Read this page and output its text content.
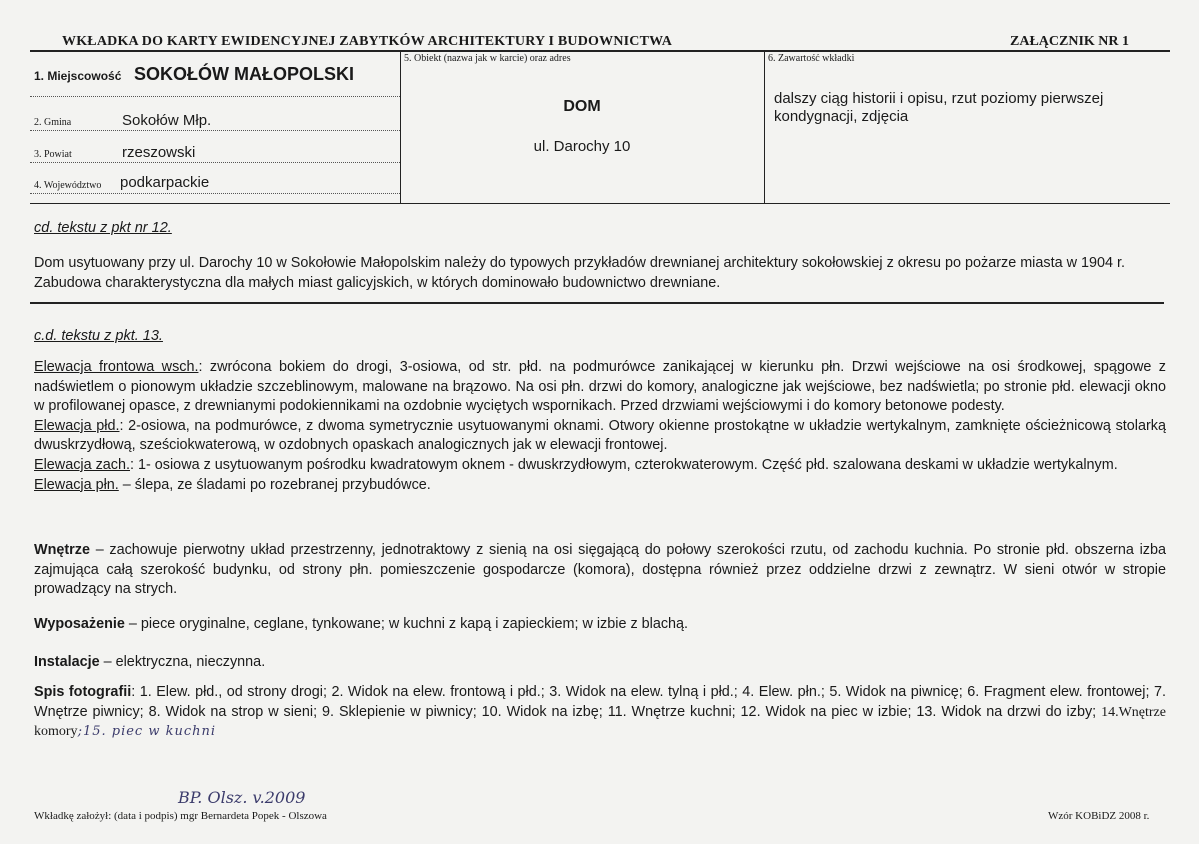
WKŁADKA DO KARTY EWIDENCYJNEJ ZABYTKÓW ARCHITEKTURY I BUDOWNICTWA	ZAŁĄCZNIK NR 1
1. Miejscowość SOKOŁÓW MAŁOPOLSKI
2. Gmina	Sokołów Młp.
3. Powiat	rzeszowski
4. Województwo podkarpackie
5. Obiekt (nazwa jak w karcie) oraz adres
DOM
ul. Darochy 10
6. Zawartość wkładki
dalszy ciąg historii i opisu, rzut poziomy pierwszej kondygnacji, zdjęcia
cd. tekstu z pkt nr 12.
Dom usytuowany przy ul. Darochy 10 w Sokołowie Małopolskim należy do typowych przykładów drewnianej architektury sokołowskiej z okresu po pożarze miasta w 1904 r. Zabudowa charakterystyczna dla małych miast galicyjskich, w których dominowało budownictwo drewniane.
c.d. tekstu z pkt. 13.
Elewacja frontowa wsch.: zwrócona bokiem do drogi, 3-osiowa, od str. płd. na podmurówce zanikającej w kierunku płn. Drzwi wejściowe na osi środkowej, spągowe z nadświetlem o pionowym układzie szczeblinowym, malowane na brązowo. Na osi płn. drzwi do komory, analogiczne jak wejściowe, bez nadświetla; po stronie płd. elewacji okno w profilowanej opasce, z drewnianymi podokiennikami na ozdobnie wyciętych wspornikach. Przed drzwiami wejściowymi i do komory betonowe podesty.
Elewacja płd.: 2-osiowa, na podmurówce, z dwoma symetrycznie usytuowanymi oknami. Otwory okienne prostokątne w układzie wertykalnym, zamknięte ościeżnicową stolarką dwuskrzydłową, sześciokwaterową, w ozdobnych opaskach analogicznych jak w elewacji frontowej.
Elewacja zach.: 1- osiowa z usytuowanym pośrodku kwadratowym oknem - dwuskrzydłowym, czterokwaterowym. Część płd. szalowana deskami w układzie wertykalnym.
Elewacja płn. – ślepa, ze śladami po rozebranej przybudówce.
Wnętrze – zachowuje pierwotny układ przestrzenny, jednotraktowy z sienią na osi sięgającą do połowy szerokości rzutu, od zachodu kuchnia. Po stronie płd. obszerna izba zajmująca całą szerokość budynku, od strony płn. pomieszczenie gospodarcze (komora), dostępna również przez oddzielne drzwi z zewnątrz. W sieni otwór w stropie prowadzący na strych.
Wyposażenie – piece oryginalne, ceglane, tynkowane; w kuchni z kapą i zapieckiem; w izbie z blachą.
Instalacje – elektryczna, nieczynna.
Spis fotografii: 1. Elew. płd., od strony drogi; 2. Widok na elew. frontową i płd.; 3. Widok na elew. tylną i płd.; 4. Elew. płn.; 5. Widok na piwnicę; 6. Fragment elew. frontowej; 7. Wnętrze piwnicy; 8. Widok na strop w sieni; 9. Sklepienie w piwnicy; 10. Widok na izbę; 11. Wnętrze kuchni; 12. Widok na piec w izbie; 13. Widok na drzwi do izby; 14.Wnętrze komory;15. piec w kuchni
BP. Olsz. v.2009
Wkładkę założył: (data i podpis) mgr Bernardeta Popek - Olszowa	Wzór KOBiDZ 2008 r.
